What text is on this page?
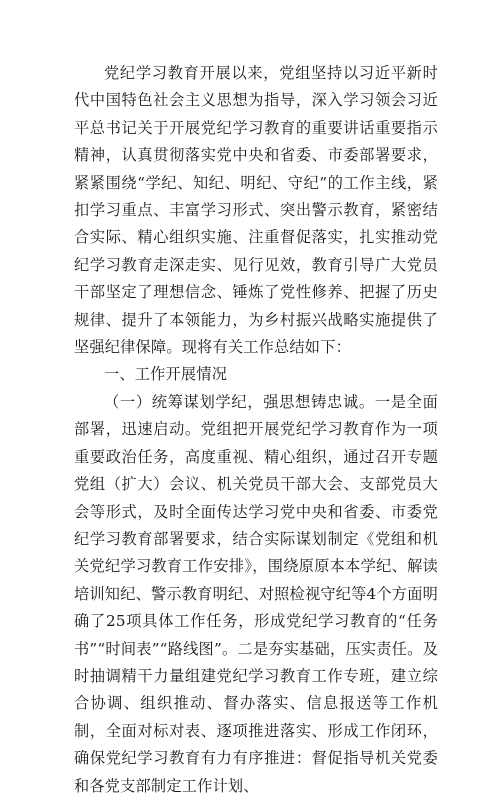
党纪学习教育开展以来，党组坚持以习近平新时代中国特色社会主义思想为指导，深入学习领会习近平总书记关于开展党纪学习教育的重要讲话重要指示精神，认真贯彻落实党中央和省委、市委部署要求，紧紧围绕“学纪、知纪、明纪、守纪”的工作主线，紧扣学习重点、丰富学习形式、突出警示教育，紧密结合实际、精心组织实施、注重督促落实，扎实推动党纪学习教育走深走实、见行见效，教育引导广大党员干部坚定了理想信念、锤炼了党性修养、把握了历史规律、提升了本领能力，为乡村振兴战略实施提供了坚强纪律保障。现将有关工作总结如下：

一、工作开展情况

（一）统筹谋划学纪，强思想铸忠诚。一是全面部署，迅速启动。党组把开展党纪学习教育作为一项重要政治任务，高度重视、精心组织，通过召开专题党组（扩大）会议、机关党员干部大会、支部党员大会等形式，及时全面传达学习党中央和省委、市委党纪学习教育部署要求，结合实际谋划制定《党组和机关党纪学习教育工作安排》，围绕原原本本学纪、解读培训知纪、警示教育明纪、对照检视守纪等4个方面明确了25项具体工作任务，形成党纪学习教育的“任务书”“时间表”“路线图”。二是夯实基础，压实责任。及时抽调精干力量组建党纪学习教育工作专班，建立综合协调、组织推动、督办落实、信息报送等工作机制，全面对标对表、逐项推进落实、形成工作闭环，确保党纪学习教育有力有序推进：督促指导机关党委和各党支部制定工作计划、
